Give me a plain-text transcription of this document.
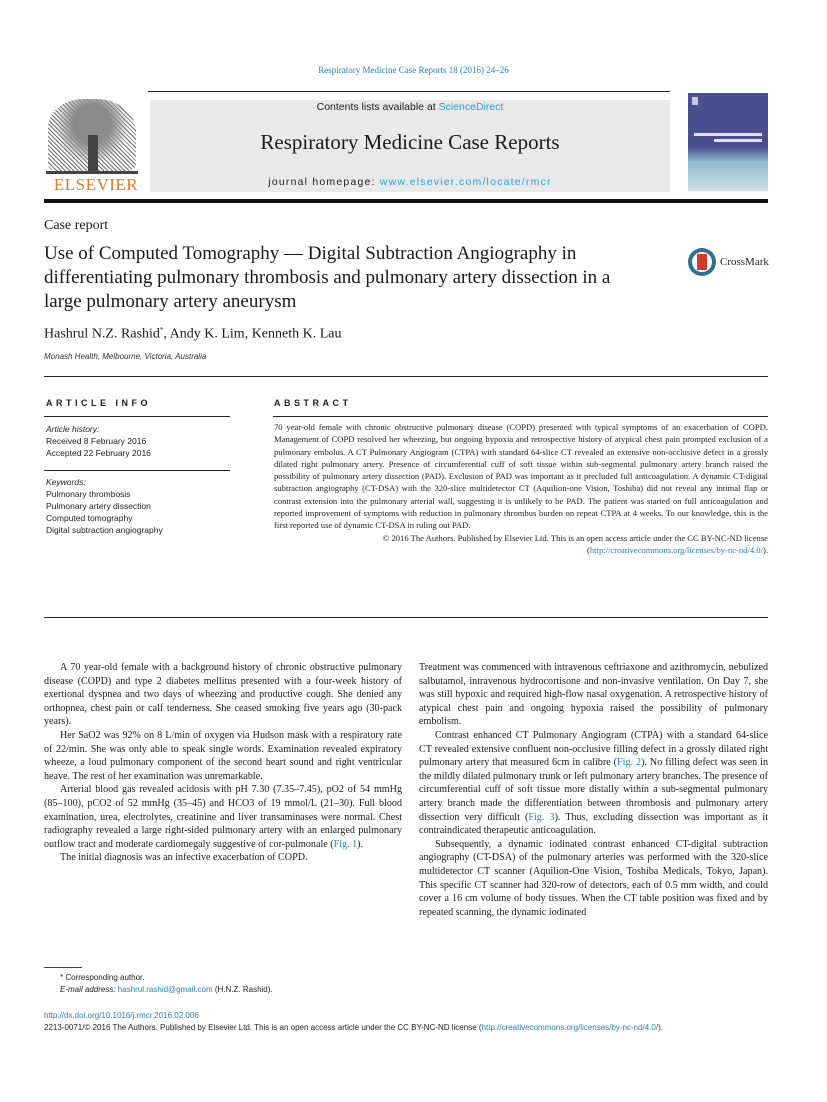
Respiratory Medicine Case Reports 18 (2016) 24–26
ELSEVIER
Contents lists available at ScienceDirect
Respiratory Medicine Case Reports
journal homepage: www.elsevier.com/locate/rmcr
Case report
Use of Computed Tomography — Digital Subtraction Angiography in differentiating pulmonary thrombosis and pulmonary artery dissection in a large pulmonary artery aneurysm
CrossMark
Hashrul N.Z. Rashid*, Andy K. Lim, Kenneth K. Lau
Monash Health, Melbourne, Victoria, Australia
ARTICLE INFO	ABSTRACT
Article history:
Received 8 February 2016
Accepted 22 February 2016
Keywords:
Pulmonary thrombosis
Pulmonary artery dissection
Computed tomography
Digital subtraction angiography
70 year-old female with chronic obstructive pulmonary disease (COPD) presented with typical symptoms of an exacerbation of COPD. Management of COPD resolved her wheezing, but ongoing hypoxia and retrospective history of atypical chest pain prompted exclusion of a pulmonary embolus. A CT Pulmonary Angiogram (CTPA) with standard 64-slice CT revealed an extensive non-occlusive defect in a grossly dilated right pulmonary artery. Presence of circumferential cuff of soft tissue within sub-segmental pulmonary artery branch raised the possibility of pulmonary artery dissection (PAD). Exclusion of PAD was important as it precluded full anticoagulation. A dynamic CT-digital subtraction angiography (CT-DSA) with the 320-slice multidetector CT (Aquilion-one Vision, Toshiba) did not reveal any intimal flap or contrast extension into the pulmonary arterial wall, suggesting it is unlikely to be PAD. The patient was started on full anticoagulation and reported improvement of symptoms with reduction in pulmonary thrombus burden on repeat CTPA at 4 weeks. To our knowledge, this is the first reported use of dynamic CT-DSA in ruling out PAD.
© 2016 The Authors. Published by Elsevier Ltd. This is an open access article under the CC BY-NC-ND license (http://creativecommons.org/licenses/by-nc-nd/4.0/).

A 70 year-old female with a background history of chronic obstructive pulmonary disease (COPD) and type 2 diabetes mellitus presented with a four-week history of exertional dyspnea and two days of wheezing and productive cough. She denied any orthopnea, chest pain or calf tenderness. She ceased smoking five years ago (30-pack years).

Her SaO2 was 92% on 8 L/min of oxygen via Hudson mask with a respiratory rate of 22/min. She was only able to speak single words. Examination revealed expiratory wheeze, a loud pulmonary component of the second heart sound and right ventricular heave. The rest of her examination was unremarkable.

Arterial blood gas revealed acidosis with pH 7.30 (7.35–7.45), pO2 of 54 mmHg (85–100), pCO2 of 52 mmHg (35–45) and HCO3 of 19 mmol/L (21–30). Full blood examination, urea, electrolytes, creatinine and liver transaminases were normal. Chest radiography revealed a large right-sided pulmonary artery with an enlarged pulmonary outflow tract and moderate cardiomegaly suggestive of cor-pulmonale (Fig. 1).

The initial diagnosis was an infective exacerbation of COPD.

Treatment was commenced with intravenous ceftriaxone and azithromycin, nebulized salbutamol, intravenous hydrocortisone and non-invasive ventilation. On Day 7, she was still hypoxic and required high-flow nasal oxygenation. A retrospective history of atypical chest pain and ongoing hypoxia raised the possibility of pulmonary embolism.

Contrast enhanced CT Pulmonary Angiogram (CTPA) with a standard 64-slice CT revealed extensive confluent non-occlusive filling defect in a grossly dilated right pulmonary artery that measured 6cm in calibre (Fig. 2). No filling defect was seen in the mildly dilated pulmonary trunk or left pulmonary artery branches. The presence of circumferential cuff of soft tissue more distally within a sub-segmental pulmonary artery branch made the differentiation between thrombosis and pulmonary artery dissection very difficult (Fig. 3). Thus, excluding dissection was important as it contraindicated therapeutic anticoagulation.

Subsequently, a dynamic iodinated contrast enhanced CT-digital subtraction angiography (CT-DSA) of the pulmonary arteries was performed with the 320-slice multidetector CT scanner (Aquilion-One Vision, Toshiba Medicals, Tokyo, Japan). This specific CT scanner had 320-row of detectors, each of 0.5 mm width, and could cover a 16 cm volume of body tissues. When the CT table position was fixed and by repeated scanning, the dynamic iodinated

* Corresponding author.
E-mail address: hashrul.rashid@gmail.com (H.N.Z. Rashid).
http://dx.doi.org/10.1016/j.rmcr.2016.02.006
2213-0071/© 2016 The Authors. Published by Elsevier Ltd. This is an open access article under the CC BY-NC-ND license (http://creativecommons.org/licenses/by-nc-nd/4.0/).
